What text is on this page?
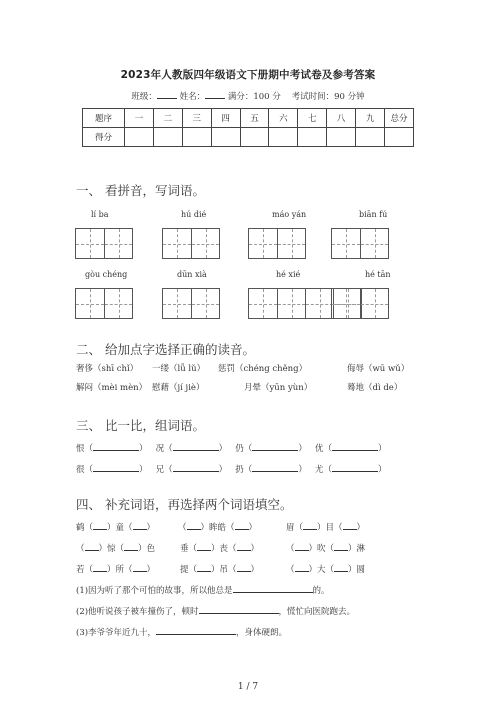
2023年人教版四年级语文下册期中考试卷及参考答案
班级：	姓名：	满分：100 分 考试时间：90 分钟
题序	一	二	三	四	五	六	七	八	九	总分
得分										
一、 看拼音，写词语。
lí ba	hú dié	máo yán	biān fú
gòu chéng	dūn xià	hé xié	hé tān
二、 给加点字选择正确的读音。
奢侈（shī chǐ） 一缕（lǚ lǔ） 惩罚（chéng chěng）	侮辱（wū wǔ）
解闷（mèi mèn） 慰藉（jí jiè）	月晕（yūn yùn）	蓦地（dì de）
三、 比一比，组词语。
恨（	）   况（	）   仍（	）   优（	）
很（	）   兄（	）   扔（	）   尤（	）
四、 补充词语，再选择两个词语填空。
鹤（ ）童（ ）	（ ）眸皓（ ）	眉（ ）目（ ）
（ ）惊（ ）色	垂（ ）丧（ ）	（ ）吹（ ）淋
若（ ）所（ ）	提（ ）吊（ ）	（ ）大（ ）圆
(1)因为听了那个可怕的故事，所以他总是	的。
(2)他听说孩子被车撞伤了，顿时	，慌忙向医院跑去。
(3)李爷爷年近九十，	，身体硬朗。
1 / 7
